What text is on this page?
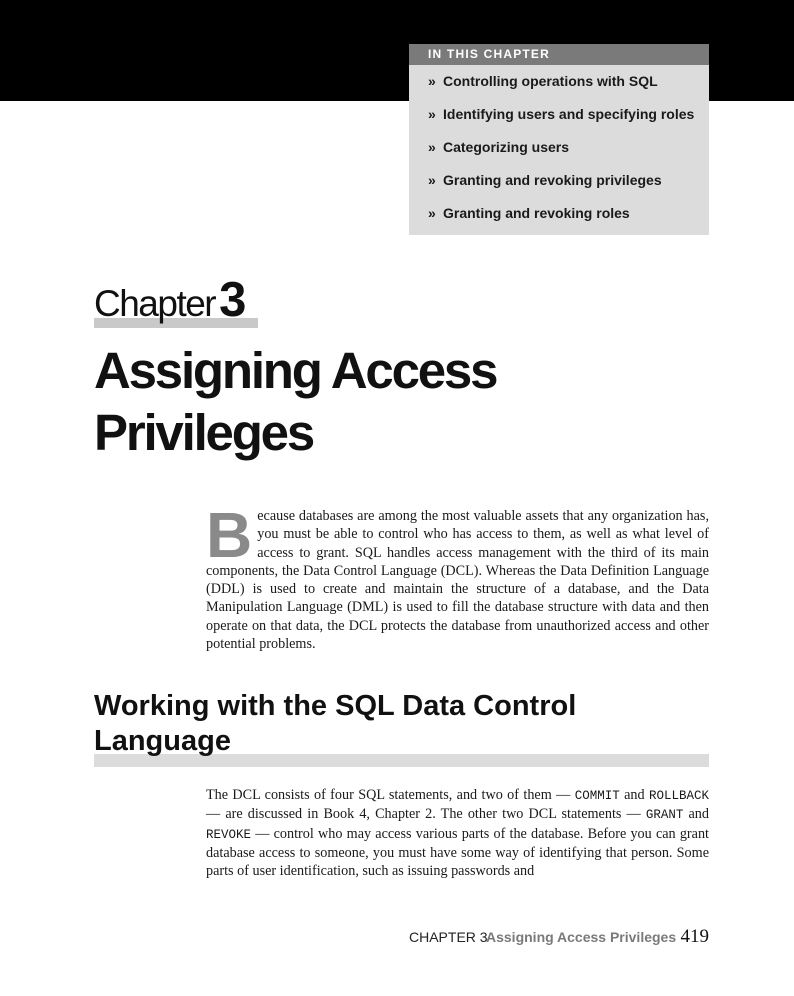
IN THIS CHAPTER
» Controlling operations with SQL
» Identifying users and specifying roles
» Categorizing users
» Granting and revoking privileges
» Granting and revoking roles
Chapter3
Assigning Access
Privileges

Because databases are among the most valuable assets that any organization has, you must be able to control who has access to them, as well as what level of access to grant. SQL handles access management with the third of its main components, the Data Control Language (DCL). Whereas the Data Definition Language (DDL) is used to create and maintain the structure of a database, and the Data Manipulation Language (DML) is used to fill the database structure with data and then operate on that data, the DCL protects the database from unauthorized access and other potential problems.

Working with the SQL Data Control Language

The DCL consists of four SQL statements, and two of them — COMMIT and ROLLBACK — are discussed in Book 4, Chapter 2. The other two DCL statements — GRANT and REVOKE — control who may access various parts of the database. Before you can grant database access to someone, you must have some way of identifying that person. Some parts of user identification, such as issuing passwords and

CHAPTER 3
Assigning Access Privileges 419
